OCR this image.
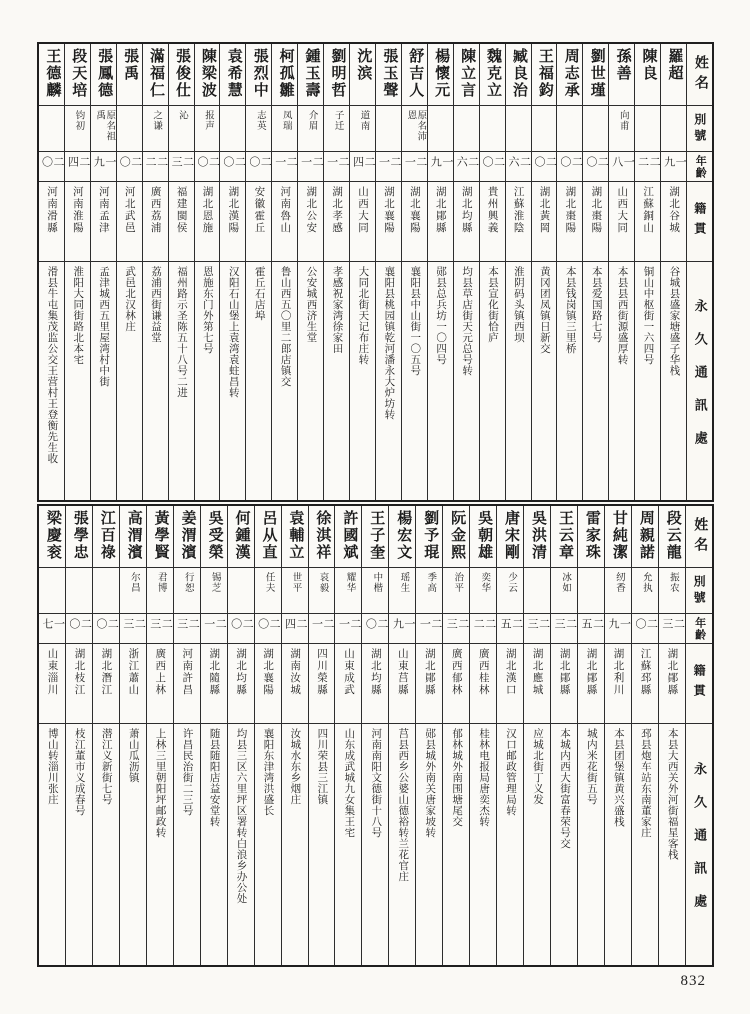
王德麟
二〇
河南滑縣
滑县牛屯集茂监公交王营村王登衡先生收
段天培
钧初
二四
河南淮陽
淮阳大同街路北本宅
張鳳德
原名祖禹
一九
河南孟津
孟津城西五里屋湾村中街
張禹
二〇
河北武邑
武邑北汉林庄
滿福仁
之谦
二二
廣西荔浦
荔浦西街谦益堂
張俊仕
沁
二三
福建閩侯
福州路示圣陈五十八号二进
陳梁波
报声
二〇
湖北恩施
恩施东门外第七号
袁希慧
二〇
湖北漢陽
汉阳石山堡上袁湾袁蛀昌转
張烈中
志英
二〇
安徽霍丘
霍丘石店埠
柯孤雛
凤瑞
二一
河南魯山
鲁山西五〇里二郎店镇交
鍾玉壽
介眉
二一
湖北公安
公安城西济生堂
劉明哲
子迁
二一
湖北孝感
孝感祝家湾徐家田
沈滨
道南
二四
山西大同
大同北街天记布庄转
張玉聲
二一
湖北襄陽
襄阳县桃园镇乾河潘永大炉坊转
舒吉人
原名沛恩
二一
湖北襄陽
襄阳县中山街一〇五号
楊懷元
一九
湖北鄖縣
郧县总兵坊一〇四号
陳立言
二六
湖北均縣
均县草店街天元总号转
魏克立
二〇
貴州興義
本县宣化街恰庐
臧良治
二六
江蘇淮陰
淮阴码头镇西坝
王福鈞
二〇
湖北黃岡
黄冈团凤镇日新交
周志承
二〇
湖北棗陽
本县钱岗镇三里桥
劉世瑾
二〇
湖北棗陽
本县爱国路七号
孫善
向甫
一八
山西大同
本县县西街源盛厚转
陳良
二二
江蘇銅山
铜山中枢街一六四号
羅超
一九
湖北谷城
谷城县盛家塘盛子华栈
姓名
別號
年齡
籍貫
永久通訊處
梁慶衮
一七
山東淄川
博山转淄川张庄
張學忠
二〇
湖北枝江
枝江董市义成春号
江百祿
二〇
湖北潛江
潜江义新街七号
高渭濱
尔昌
二三
浙江蕭山
萧山瓜沥镇
黃學賢
君博
二三
廣西上林
上林三里朝阳坪邮政转
姜渭濱
行恕
二三
河南許昌
许昌民治街二三号
吳受榮
锡芝
二一
湖北隨縣
随县随阳店益安堂转
何鍾漢
二〇
湖北均縣
均县三区六里坪区署转白浪乡办公处
呂从直
任夫
二〇
湖北襄陽
襄阳东津湾洪盛长
袁輔立
世平
二四
湖南汝城
汝城水东乡烟庄
徐淇祥
哀毅
二一
四川榮縣
四川荣县三江镇
許國斌
耀华
二一
山東成武
山东成武城九女集王宅
王子奎
中楷
二〇
湖北均縣
河南南阳文德街十八号
楊宏文
瑶生
一九
山東莒縣
莒县西乡公婆山德裕转兰花官庄
劉予琨
季高
二一
湖北鄖縣
郧县城外南关唐家坡转
阮金熙
治平
二三
廣西郁林
郁林城外南围塘尾交
吳朝雄
奕华
二二
廣西桂林
桂林电报局唐奕杰转
唐宋剛
少云
二五
湖北漢口
汉口邮政管理局转
吳洪清
二三
湖北應城
应城北街丁义发
王云章
冰如
二三
湖北鄖縣
本城内西大街富春荣号交
雷家珠
二五
湖北鄖縣
城内米花街五号
甘純潔
纫香
一九
湖北利川
本县团堡镇黄兴盛栈
周親諾
允执
二〇
江蘇邳縣
邳县炮车站东南董家庄
段云龍
振农
二三
湖北鄖縣
本县大西关外河街福星客栈
姓名
別號
年齡
籍貫
永久通訊處
832
